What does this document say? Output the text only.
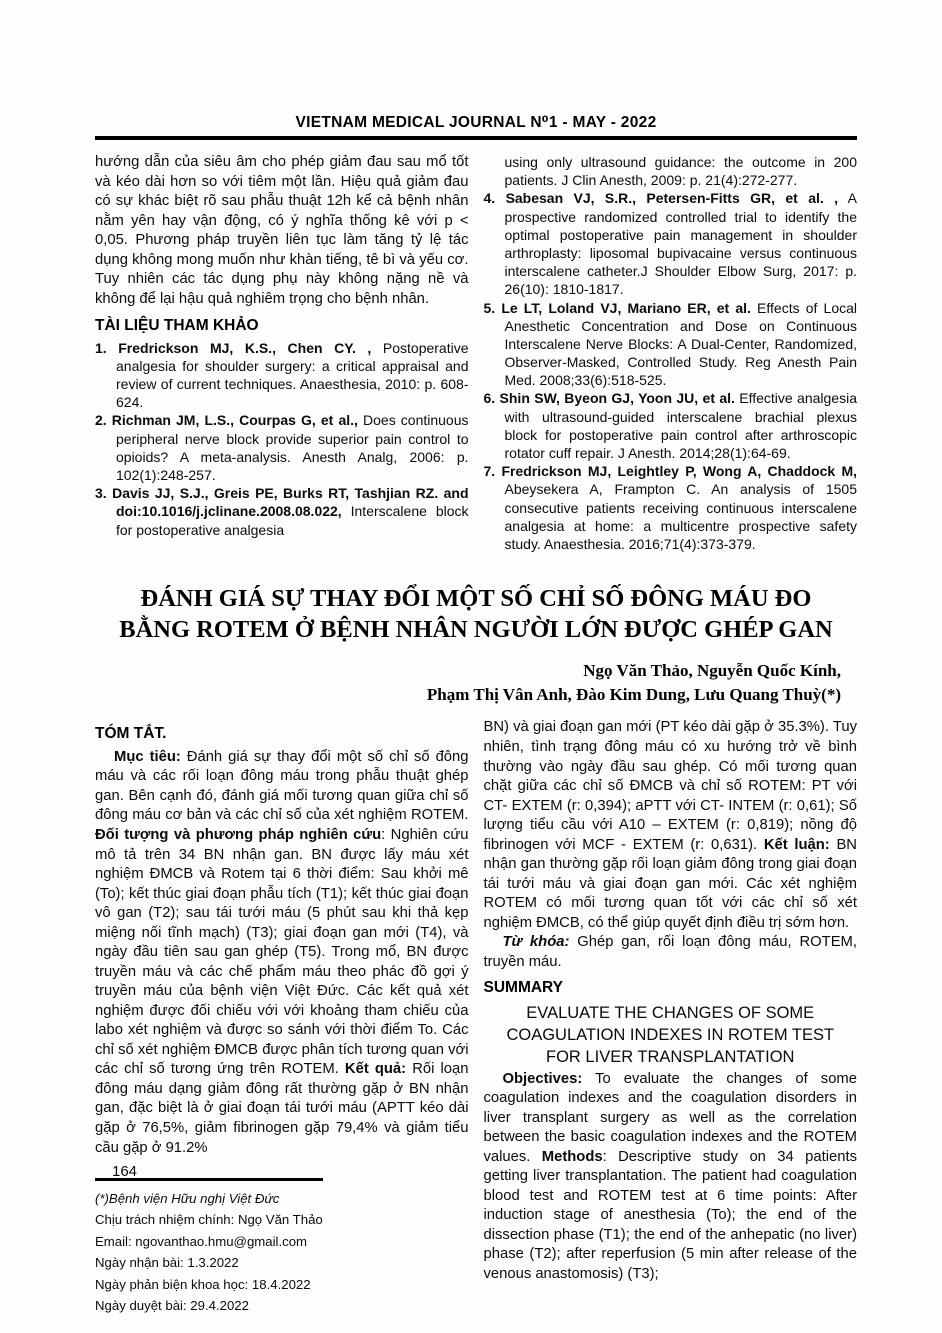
VIETNAM MEDICAL JOURNAL N⁰1 - MAY - 2022

hướng dẫn của siêu âm cho phép giảm đau sau mổ tốt và kéo dài hơn so với tiêm một lần. Hiệu quả giảm đau có sự khác biệt rõ sau phẫu thuật 12h kể cả bệnh nhân nằm yên hay vận động, có ý nghĩa thống kê với p < 0,05. Phương pháp truyền liên tục làm tăng tỷ lệ tác dụng không mong muốn như khàn tiếng, tê bì và yếu cơ. Tuy nhiên các tác dụng phụ này không nặng nề và không để lại hậu quả nghiêm trọng cho bệnh nhân.

TÀI LIỆU THAM KHẢO

1. Fredrickson MJ, K.S., Chen CY. , Postoperative analgesia for shoulder surgery: a critical appraisal and review of current techniques. Anaesthesia, 2010: p. 608-624.

2. Richman JM, L.S., Courpas G, et al., Does continuous peripheral nerve block provide superior pain control to opioids? A meta-analysis. Anesth Analg, 2006: p. 102(1):248-257.

3. Davis JJ, S.J., Greis PE, Burks RT, Tashjian RZ. and doi:10.1016/j.jclinane.2008.08.022, Interscalene block for postoperative analgesia

using only ultrasound guidance: the outcome in 200 patients. J Clin Anesth, 2009: p. 21(4):272-277.

4. Sabesan VJ, S.R., Petersen-Fitts GR, et al. , A prospective randomized controlled trial to identify the optimal postoperative pain management in shoulder arthroplasty: liposomal bupivacaine versus continuous interscalene catheter.J Shoulder Elbow Surg, 2017: p. 26(10): 1810-1817.

5. Le LT, Loland VJ, Mariano ER, et al. Effects of Local Anesthetic Concentration and Dose on Continuous Interscalene Nerve Blocks: A Dual-Center, Randomized, Observer-Masked, Controlled Study. Reg Anesth Pain Med. 2008;33(6):518-525.

6. Shin SW, Byeon GJ, Yoon JU, et al. Effective analgesia with ultrasound-guided interscalene brachial plexus block for postoperative pain control after arthroscopic rotator cuff repair. J Anesth. 2014;28(1):64-69.

7. Fredrickson MJ, Leightley P, Wong A, Chaddock M, Abeysekera A, Frampton C. An analysis of 1505 consecutive patients receiving continuous interscalene analgesia at home: a multicentre prospective safety study. Anaesthesia. 2016;71(4):373-379.

ĐÁNH GIÁ SỰ THAY ĐỔI MỘT SỐ CHỈ SỐ ĐÔNG MÁU ĐO
BẰNG ROTEM Ở BỆNH NHÂN NGƯỜI LỚN ĐƯỢC GHÉP GAN
Ngọ Văn Thảo, Nguyễn Quốc Kính,
Phạm Thị Vân Anh, Đào Kim Dung, Lưu Quang Thuỳ(*)
TÓM TẮT.

Mục tiêu: Đánh giá sự thay đổi một số chỉ số đông máu và các rối loạn đông máu trong phẫu thuật ghép gan. Bên cạnh đó, đánh giá mối tương quan giữa chỉ số đông máu cơ bản và các chỉ số của xét nghiệm ROTEM. Đối tượng và phương pháp nghiên cứu: Nghiên cứu mô tả trên 34 BN nhận gan. BN được lấy máu xét nghiệm ĐMCB và Rotem tại 6 thời điểm: Sau khởi mê (To); kết thúc giai đoạn phẫu tích (T1); kết thúc giai đoạn vô gan (T2); sau tái tưới máu (5 phút sau khi thả kẹp miệng nối tĩnh mạch) (T3); giai đoạn gan mới (T4), và ngày đầu tiên sau gan ghép (T5). Trong mổ, BN được truyền máu và các chế phẩm máu theo phác đồ gợi ý truyền máu của bệnh viện Việt Đức. Các kết quả xét nghiệm được đối chiếu với với khoảng tham chiếu của labo xét nghiệm và được so sánh với thời điểm To. Các chỉ số xét nghiệm ĐMCB được phân tích tương quan với các chỉ số tương ứng trên ROTEM. Kết quả: Rối loạn đông máu dạng giảm đông rất thường gặp ở BN nhận gan, đặc biệt là ở giai đoạn tái tưới máu (APTT kéo dài gặp ở 76,5%, giảm fibrinogen gặp 79,4% và giảm tiểu cầu gặp ở 91.2%

(*)Bệnh viện Hữu nghị Việt Đức
Chịu trách nhiệm chính: Ngọ Văn Thảo
Email: ngovanthao.hmu@gmail.com
Ngày nhận bài: 1.3.2022
Ngày phản biện khoa học: 18.4.2022
Ngày duyệt bài: 29.4.2022

BN) và giai đoạn gan mới (PT kéo dài gặp ở 35.3%). Tuy nhiên, tình trạng đông máu có xu hướng trở về bình thường vào ngày đầu sau ghép. Có mối tương quan chặt giữa các chỉ số ĐMCB và chỉ số ROTEM: PT với CT- EXTEM (r: 0,394); aPTT với CT- INTEM (r: 0,61); Số lượng tiểu cầu với A10 – EXTEM (r: 0,819); nồng độ fibrinogen với MCF - EXTEM (r: 0,631). Kết luận: BN nhận gan thường gặp rối loạn giảm đông trong giai đoạn tái tưới máu và giai đoạn gan mới. Các xét nghiệm ROTEM có mối tương quan tốt với các chỉ số xét nghiệm ĐMCB, có thể giúp quyết định điều trị sớm hơn.

Từ khóa: Ghép gan, rối loạn đông máu, ROTEM, truyền máu.

SUMMARY
EVALUATE THE CHANGES OF SOME
COAGULATION INDEXES IN ROTEM TEST
FOR LIVER TRANSPLANTATION

Objectives: To evaluate the changes of some coagulation indexes and the coagulation disorders in liver transplant surgery as well as the correlation between the basic coagulation indexes and the ROTEM values. Methods: Descriptive study on 34 patients getting liver transplantation. The patient had coagulation blood test and ROTEM test at 6 time points: After induction stage of anesthesia (To); the end of the dissection phase (T1); the end of the anhepatic (no liver) phase (T2); after reperfusion (5 min after release of the venous anastomosis) (T3);

164
